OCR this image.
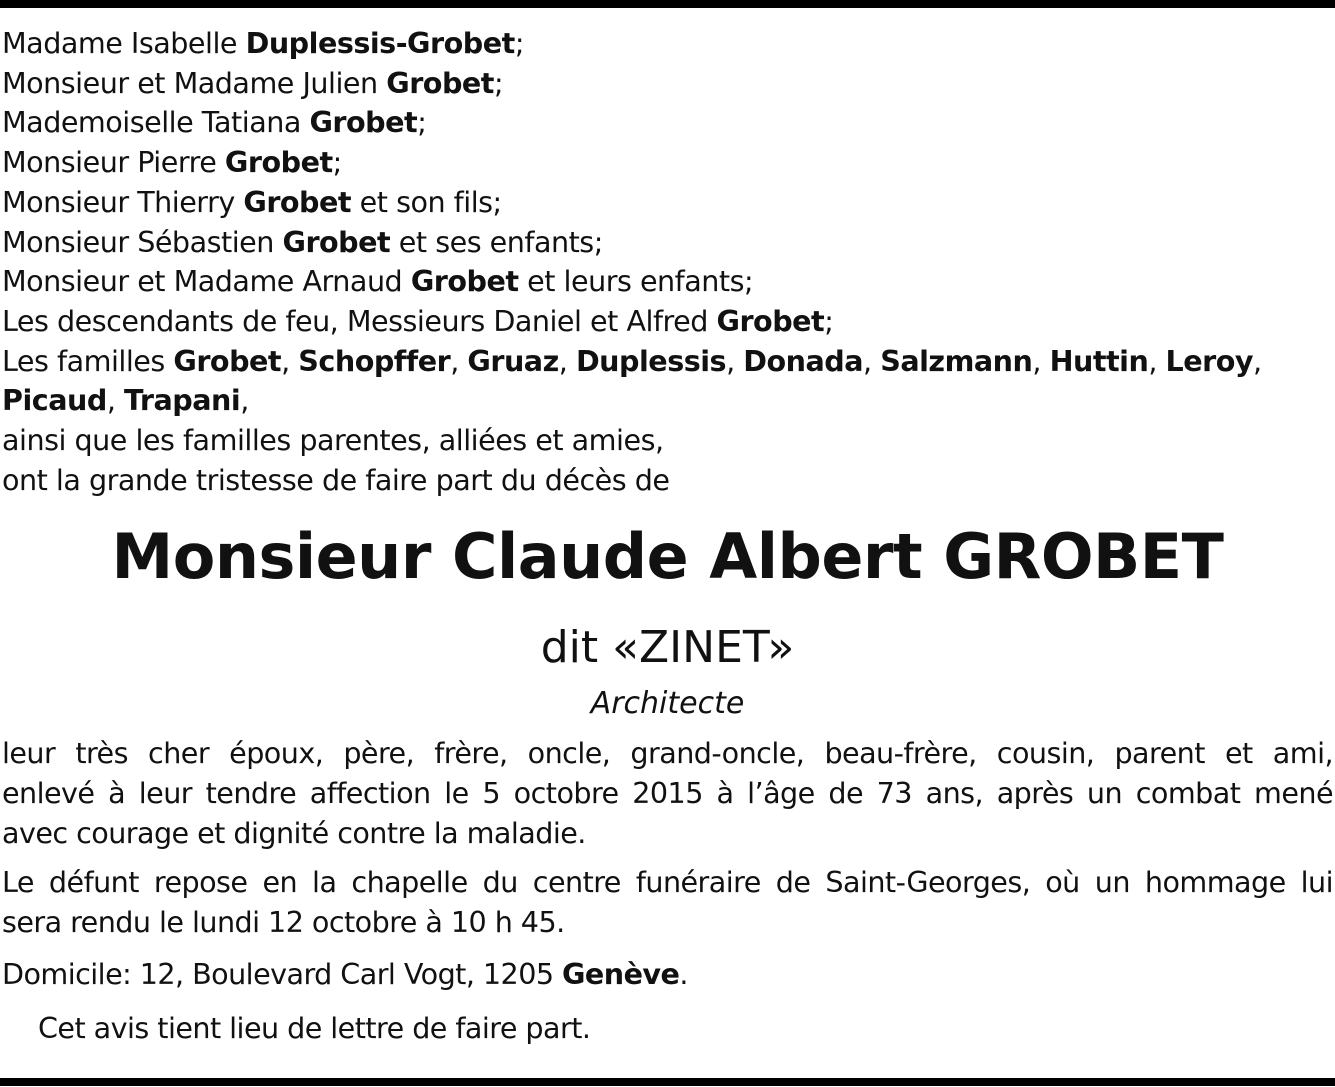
Madame Isabelle Duplessis-Grobet;
Monsieur et Madame Julien Grobet;
Mademoiselle Tatiana Grobet;
Monsieur Pierre Grobet;
Monsieur Thierry Grobet et son fils;
Monsieur Sébastien Grobet et ses enfants;
Monsieur et Madame Arnaud Grobet et leurs enfants;
Les descendants de feu, Messieurs Daniel et Alfred Grobet;
Les familles Grobet, Schopffer, Gruaz, Duplessis, Donada, Salzmann, Huttin, Leroy,
Picaud, Trapani,
ainsi que les familles parentes, alliées et amies,
ont la grande tristesse de faire part du décès de
Monsieur Claude Albert GROBET
dit «ZINET»
Architecte
leur très cher époux, père, frère, oncle, grand-oncle, beau-frère, cousin, parent et ami,
enlevé à leur tendre affection le 5 octobre 2015 à l’âge de 73 ans, après un combat mené
avec courage et dignité contre la maladie.
Le défunt repose en la chapelle du centre funéraire de Saint-Georges, où un hommage lui
sera rendu le lundi 12 octobre à 10 h 45.
Domicile: 12, Boulevard Carl Vogt, 1205 Genève.
Cet avis tient lieu de lettre de faire part.
